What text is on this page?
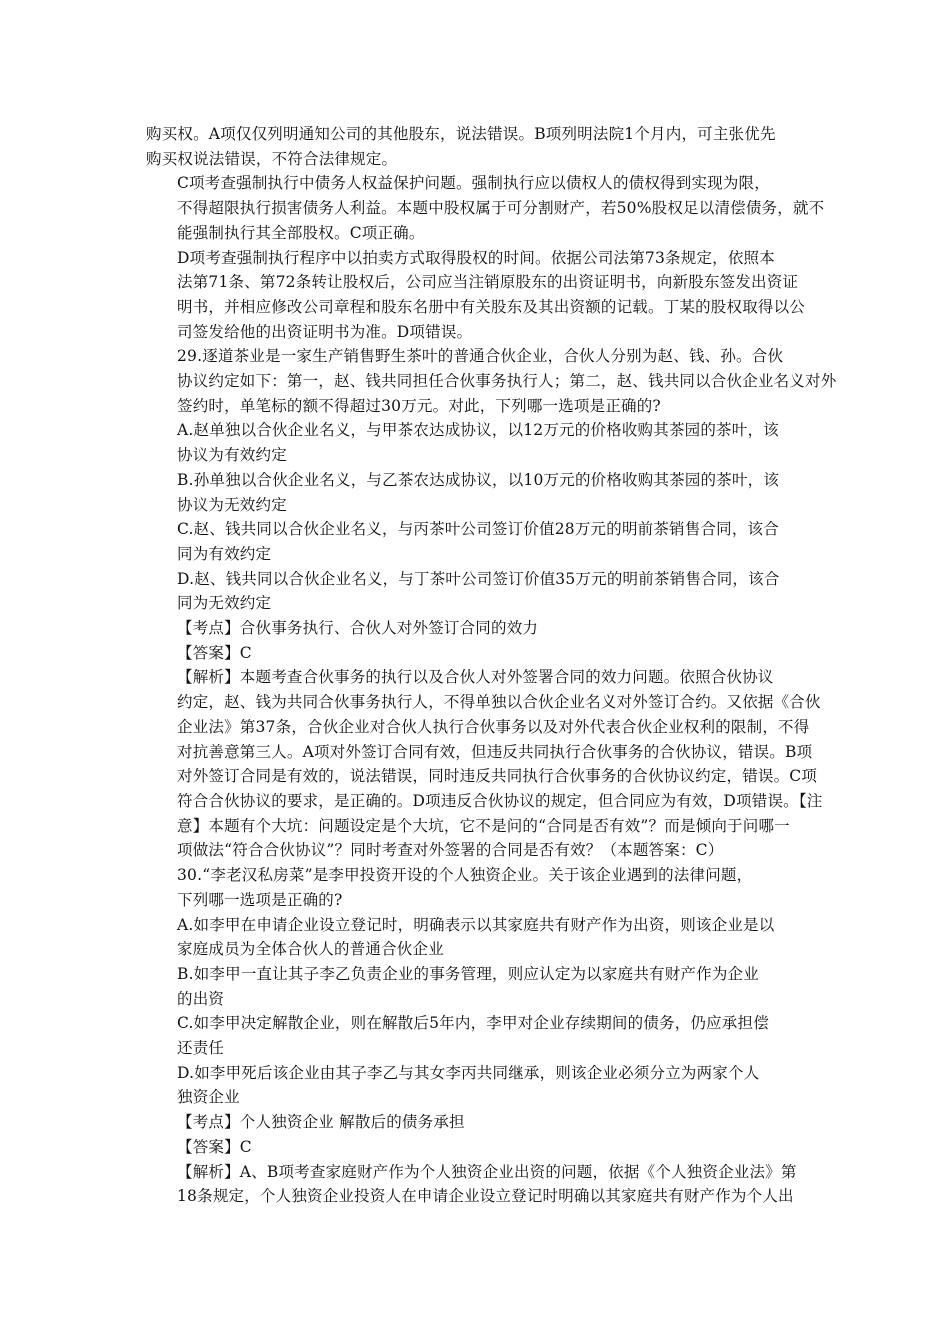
购买权。A项仅仅列明通知公司的其他股东，说法错误。B项列明法院1个月内，可主张优先
购买权说法错误，不符合法律规定。

C项考查强制执行中债务人权益保护问题。强制执行应以债权人的债权得到实现为限，
不得超限执行损害债务人利益。本题中股权属于可分割财产，若50%股权足以清偿债务，就不
能强制执行其全部股权。C项正确。

D项考查强制执行程序中以拍卖方式取得股权的时间。依据公司法第73条规定，依照本
法第71条、第72条转让股权后，公司应当注销原股东的出资证明书，向新股东签发出资证
明书，并相应修改公司章程和股东名册中有关股东及其出资额的记载。丁某的股权取得以公
司签发给他的出资证明书为准。D项错误。

29.逐道茶业是一家生产销售野生茶叶的普通合伙企业，合伙人分别为赵、钱、孙。合伙
协议约定如下：第一，赵、钱共同担任合伙事务执行人；第二，赵、钱共同以合伙企业名义对外
签约时，单笔标的额不得超过30万元。对此，下列哪一选项是正确的?

A.赵单独以合伙企业名义，与甲茶农达成协议，以12万元的价格收购其茶园的茶叶，该
协议为有效约定

B.孙单独以合伙企业名义，与乙茶农达成协议，以10万元的价格收购其茶园的茶叶，该
协议为无效约定

C.赵、钱共同以合伙企业名义，与丙茶叶公司签订价值28万元的明前茶销售合同，该合
同为有效约定

D.赵、钱共同以合伙企业名义，与丁茶叶公司签订价值35万元的明前茶销售合同，该合
同为无效约定

【考点】合伙事务执行、合伙人对外签订合同的效力

【答案】C

【解析】本题考查合伙事务的执行以及合伙人对外签署合同的效力问题。依照合伙协议
约定，赵、钱为共同合伙事务执行人，不得单独以合伙企业名义对外签订合约。又依据《合伙
企业法》第37条，合伙企业对合伙人执行合伙事务以及对外代表合伙企业权利的限制，不得
对抗善意第三人。A项对外签订合同有效，但违反共同执行合伙事务的合伙协议，错误。B项
对外签订合同是有效的，说法错误，同时违反共同执行合伙事务的合伙协议约定，错误。C项
符合合伙协议的要求，是正确的。D项违反合伙协议的规定，但合同应为有效，D项错误。【注
意】本题有个大坑：问题设定是个大坑，它不是问的“合同是否有效”？而是倾向于问哪一
项做法“符合合伙协议”？同时考查对外签署的合同是否有效？（本题答案：C）

30.“李老汉私房菜”是李甲投资开设的个人独资企业。关于该企业遇到的法律问题，
下列哪一选项是正确的?

A.如李甲在申请企业设立登记时，明确表示以其家庭共有财产作为出资，则该企业是以
家庭成员为全体合伙人的普通合伙企业

B.如李甲一直让其子李乙负责企业的事务管理，则应认定为以家庭共有财产作为企业
的出资

C.如李甲决定解散企业，则在解散后5年内，李甲对企业存续期间的债务，仍应承担偿
还责任

D.如李甲死后该企业由其子李乙与其女李丙共同继承，则该企业必须分立为两家个人
独资企业

【考点】个人独资企业 解散后的债务承担

【答案】C

【解析】A、B项考查家庭财产作为个人独资企业出资的问题，依据《个人独资企业法》第
18条规定，个人独资企业投资人在申请企业设立登记时明确以其家庭共有财产作为个人出
